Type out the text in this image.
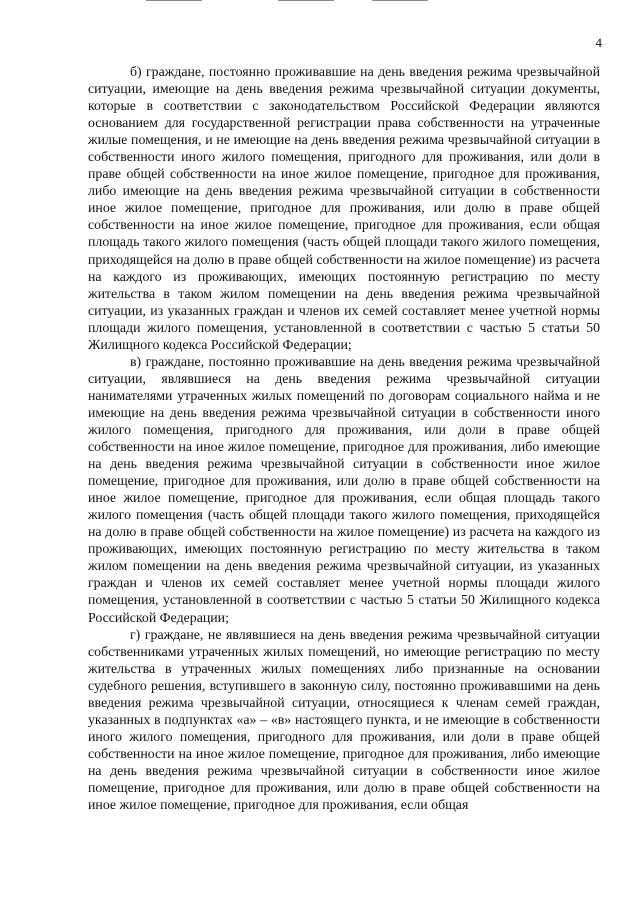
4

б) граждане, постоянно проживавшие на день введения режима чрезвычайной ситуации, имеющие на день введения режима чрезвычайной ситуации документы, которые в соответствии с законодательством Российской Федерации являются основанием для государственной регистрации права собственности на утраченные жилые помещения, и не имеющие на день введения режима чрезвычайной ситуации в собственности иного жилого помещения, пригодного для проживания, или доли в праве общей собственности на иное жилое помещение, пригодное для проживания, либо имеющие на день введения режима чрезвычайной ситуации в собственности иное жилое помещение, пригодное для проживания, или долю в праве общей собственности на иное жилое помещение, пригодное для проживания, если общая площадь такого жилого помещения (часть общей площади такого жилого помещения, приходящейся на долю в праве общей собственности на жилое помещение) из расчета на каждого из проживающих, имеющих постоянную регистрацию по месту жительства в таком жилом помещении на день введения режима чрезвычайной ситуации, из указанных граждан и членов их семей составляет менее учетной нормы площади жилого помещения, установленной в соответствии с частью 5 статьи 50 Жилищного кодекса Российской Федерации;

в) граждане, постоянно проживавшие на день введения режима чрезвычайной ситуации, являвшиеся на день введения режима чрезвычайной ситуации нанимателями утраченных жилых помещений по договорам социального найма и не имеющие на день введения режима чрезвычайной ситуации в собственности иного жилого помещения, пригодного для проживания, или доли в праве общей собственности на иное жилое помещение, пригодное для проживания, либо имеющие на день введения режима чрезвычайной ситуации в собственности иное жилое помещение, пригодное для проживания, или долю в праве общей собственности на иное жилое помещение, пригодное для проживания, если общая площадь такого жилого помещения (часть общей площади такого жилого помещения, приходящейся на долю в праве общей собственности на жилое помещение) из расчета на каждого из проживающих, имеющих постоянную регистрацию по месту жительства в таком жилом помещении на день введения режима чрезвычайной ситуации, из указанных граждан и членов их семей составляет менее учетной нормы площади жилого помещения, установленной в соответствии с частью 5 статьи 50 Жилищного кодекса Российской Федерации;

г) граждане, не являвшиеся на день введения режима чрезвычайной ситуации собственниками утраченных жилых помещений, но имеющие регистрацию по месту жительства в утраченных жилых помещениях либо признанные на основании судебного решения, вступившего в законную силу, постоянно проживавшими на день введения режима чрезвычайной ситуации, относящиеся к членам семей граждан, указанных в подпунктах «а» – «в» настоящего пункта, и не имеющие в собственности иного жилого помещения, пригодного для проживания, или доли в праве общей собственности на иное жилое помещение, пригодное для проживания, либо имеющие на день введения режима чрезвычайной ситуации в собственности иное жилое помещение, пригодное для проживания, или долю в праве общей собственности на иное жилое помещение, пригодное для проживания, если общая
